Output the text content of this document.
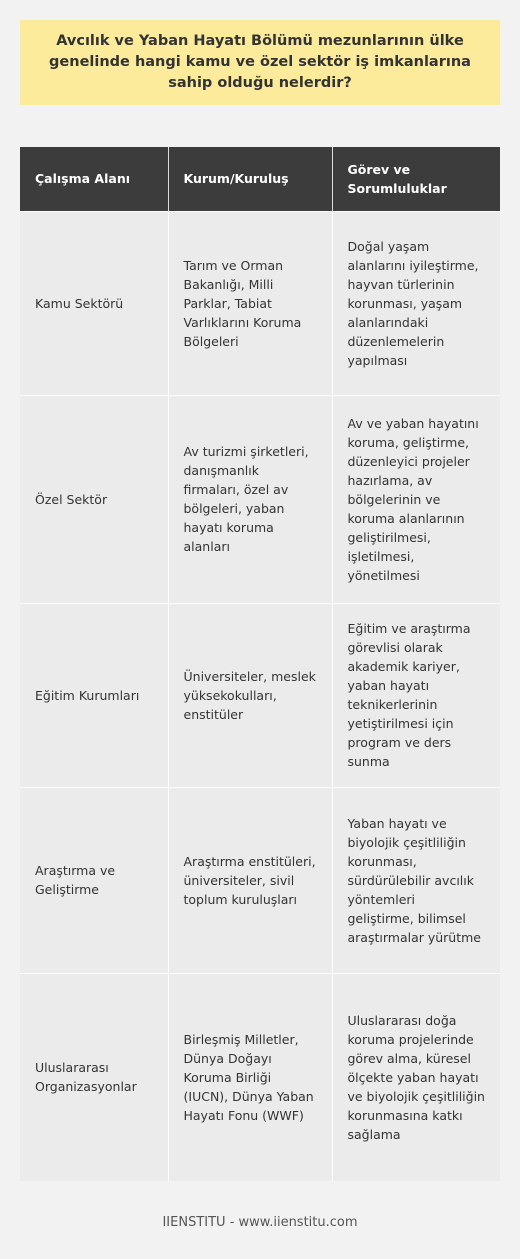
Avcılık ve Yaban Hayatı Bölümü mezunlarının ülke genelinde hangi kamu ve özel sektör iş imkanlarına sahip olduğu nelerdir?
Çalışma Alanı	Kurum/Kuruluş	Görev ve Sorumluluklar
Kamu Sektörü	Tarım ve Orman Bakanlığı, Milli Parklar, Tabiat Varlıklarını Koruma Bölgeleri	Doğal yaşam alanlarını iyileştirme, hayvan türlerinin korunması, yaşam alanlarındaki düzenlemelerin yapılması
Özel Sektör	Av turizmi şirketleri, danışmanlık firmaları, özel av bölgeleri, yaban hayatı koruma alanları	Av ve yaban hayatını koruma, geliştirme, düzenleyici projeler hazırlama, av bölgelerinin ve koruma alanlarının geliştirilmesi, işletilmesi, yönetilmesi
Eğitim Kurumları	Üniversiteler, meslek yüksekokulları, enstitüler	Eğitim ve araştırma görevlisi olarak akademik kariyer, yaban hayatı teknikerlerinin yetiştirilmesi için program ve ders sunma
Araştırma ve Geliştirme	Araştırma enstitüleri, üniversiteler, sivil toplum kuruluşları	Yaban hayatı ve biyolojik çeşitliliğin korunması, sürdürülebilir avcılık yöntemleri geliştirme, bilimsel araştırmalar yürütme
Uluslararası Organizasyonlar	Birleşmiş Milletler, Dünya Doğayı Koruma Birliği (IUCN), Dünya Yaban Hayatı Fonu (WWF)	Uluslararası doğa koruma projelerinde görev alma, küresel ölçekte yaban hayatı ve biyolojik çeşitliliğin korunmasına katkı sağlama
IIENSTITU - www.iienstitu.com
